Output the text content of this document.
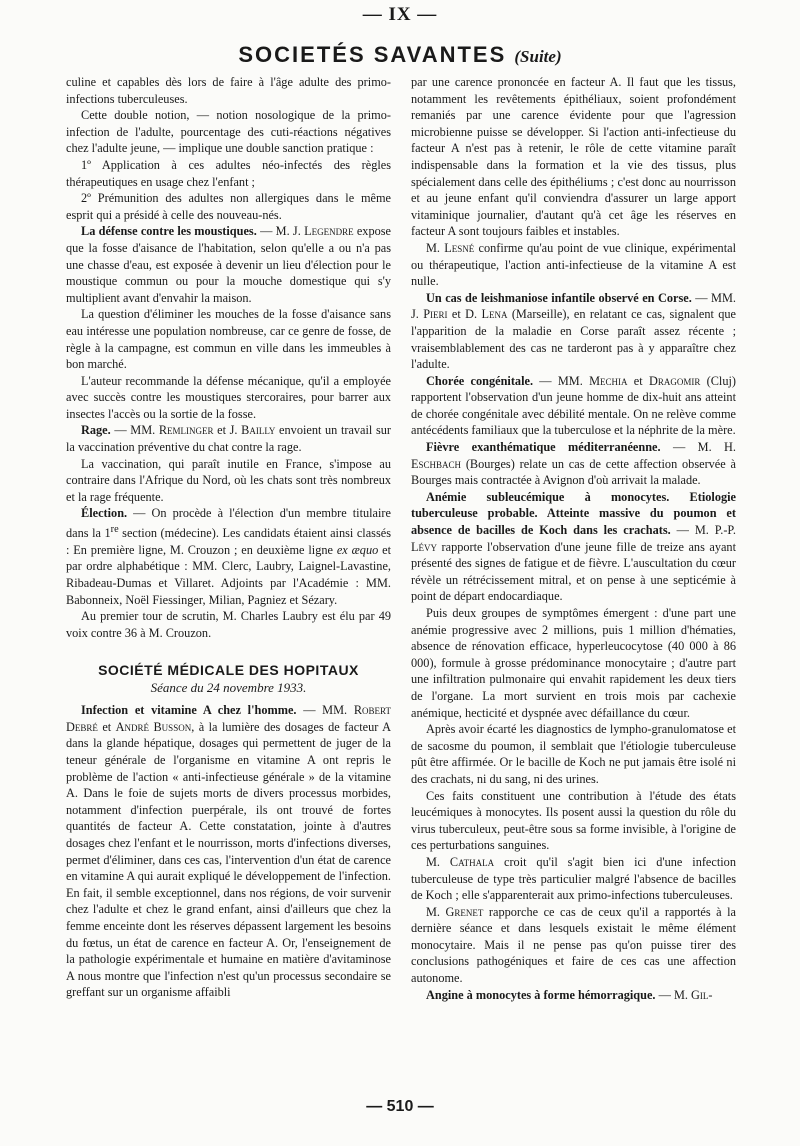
— IX —
SOCIETÉS SAVANTES (Suite)

culine et capables dès lors de faire à l'âge adulte des primo-infections tuberculeuses.

Cette double notion, — notion nosologique de la primo-infection de l'adulte, pourcentage des cuti-réactions négatives chez l'adulte jeune, — implique une double sanction pratique :

1º Application à ces adultes néo-infectés des règles thérapeutiques en usage chez l'enfant ;

2º Prémunition des adultes non allergiques dans le même esprit qui a présidé à celle des nouveau-nés.

La défense contre les moustiques. — M. J. Legendre expose que la fosse d'aisance de l'habitation, selon qu'elle a ou n'a pas une chasse d'eau, est exposée à devenir un lieu d'élection pour le moustique commun ou pour la mouche domestique qui s'y multiplient avant d'envahir la maison.

La question d'éliminer les mouches de la fosse d'aisance sans eau intéresse une population nombreuse, car ce genre de fosse, de règle à la campagne, est commun en ville dans les immeubles à bon marché.

L'auteur recommande la défense mécanique, qu'il a employée avec succès contre les moustiques stercoraires, pour barrer aux insectes l'accès ou la sortie de la fosse.

Rage. — MM. Remlinger et J. Bailly envoient un travail sur la vaccination préventive du chat contre la rage.

La vaccination, qui paraît inutile en France, s'impose au contraire dans l'Afrique du Nord, où les chats sont très nombreux et la rage fréquente.

Élection. — On procède à l'élection d'un membre titulaire dans la 1re section (médecine). Les candidats étaient ainsi classés : En première ligne, M. Crouzon ; en deuxième ligne ex æquo et par ordre alphabétique : MM. Clerc, Laubry, Laignel-Lavastine, Ribadeau-Dumas et Villaret. Adjoints par l'Académie : MM. Babonneix, Noël Fiessinger, Milian, Pagniez et Sézary.

Au premier tour de scrutin, M. Charles Laubry est élu par 49 voix contre 36 à M. Crouzon.

SOCIÉTÉ MÉDICALE DES HOPITAUX
Séance du 24 novembre 1933.

Infection et vitamine A chez l'homme. — MM. Robert Debré et André Busson, à la lumière des dosages de facteur A dans la glande hépatique, dosages qui permettent de juger de la teneur générale de l'organisme en vitamine A ont repris le problème de l'action « anti-infectieuse générale » de la vitamine A. Dans le foie de sujets morts de divers processus morbides, notamment d'infection puerpérale, ils ont trouvé de fortes quantités de facteur A. Cette constatation, jointe à d'autres dosages chez l'enfant et le nourrisson, morts d'infections diverses, permet d'éliminer, dans ces cas, l'intervention d'un état de carence en vitamine A qui aurait expliqué le développement de l'infection. En fait, il semble exceptionnel, dans nos régions, de voir survenir chez l'adulte et chez le grand enfant, ainsi d'ailleurs que chez la femme enceinte dont les réserves dépassent largement les besoins du fœtus, un état de carence en facteur A. Or, l'enseignement de la pathologie expérimentale et humaine en matière d'avitaminose A nous montre que l'infection n'est qu'un processus secondaire se greffant sur un organisme affaibli

par une carence prononcée en facteur A. Il faut que les tissus, notamment les revêtements épithéliaux, soient profondément remaniés par une carence évidente pour que l'agression microbienne puisse se développer. Si l'action anti-infectieuse du facteur A n'est pas à retenir, le rôle de cette vitamine paraît indispensable dans la formation et la vie des tissus, plus spécialement dans celle des épithéliums ; c'est donc au nourrisson et au jeune enfant qu'il conviendra d'assurer un large apport vitaminique journalier, d'autant qu'à cet âge les réserves en facteur A sont toujours faibles et instables.

M. Lesné confirme qu'au point de vue clinique, expérimental ou thérapeutique, l'action anti-infectieuse de la vitamine A est nulle.

Un cas de leishmaniose infantile observé en Corse. — MM. J. Pieri et D. Lena (Marseille), en relatant ce cas, signalent que l'apparition de la maladie en Corse paraît assez récente ; vraisemblablement des cas ne tarderont pas à y apparaître chez l'adulte.

Chorée congénitale. — MM. Mechia et Dragomir (Cluj) rapportent l'observation d'un jeune homme de dix-huit ans atteint de chorée congénitale avec débilité mentale. On ne relève comme antécédents familiaux que la tuberculose et la néphrite de la mère.

Fièvre exanthématique méditerranéenne. — M. H. Eschbach (Bourges) relate un cas de cette affection observée à Bourges mais contractée à Avignon d'où arrivait la malade.

Anémie subleucémique à monocytes. Etiologie tuberculeuse probable. Atteinte massive du poumon et absence de bacilles de Koch dans les crachats. — M. P.-P. Lévy rapporte l'observation d'une jeune fille de treize ans ayant présenté des signes de fatigue et de fièvre. L'auscultation du cœur révèle un rétrécissement mitral, et on pense à une septicémie à point de départ endocardiaque.

Puis deux groupes de symptômes émergent : d'une part une anémie progressive avec 2 millions, puis 1 million d'hématies, absence de rénovation efficace, hyperleucocytose (40 000 à 86 000), formule à grosse prédominance monocytaire ; d'autre part une infiltration pulmonaire qui envahit rapidement les deux tiers de l'organe. La mort survient en trois mois par cachexie anémique, hecticité et dyspnée avec défaillance du cœur.

Après avoir écarté les diagnostics de lympho-granulomatose et de sacosme du poumon, il semblait que l'étiologie tuberculeuse pût être affirmée. Or le bacille de Koch ne put jamais être isolé ni des crachats, ni du sang, ni des urines.

Ces faits constituent une contribution à l'étude des états leucémiques à monocytes. Ils posent aussi la question du rôle du virus tuberculeux, peut-être sous sa forme invisible, à l'origine de ces perturbations sanguines.

M. Cathala croit qu'il s'agit bien ici d'une infection tuberculeuse de type très particulier malgré l'absence de bacilles de Koch ; elle s'apparenterait aux primo-infections tuberculeuses.

M. Grenet rapporche ce cas de ceux qu'il a rapportés à la dernière séance et dans lesquels existait le même élément monocytaire. Mais il ne pense pas qu'on puisse tirer des conclusions pathogéniques et faire de ces cas une affection autonome.

Angine à monocytes à forme hémorragique. — M. Gil-

— 510 —
